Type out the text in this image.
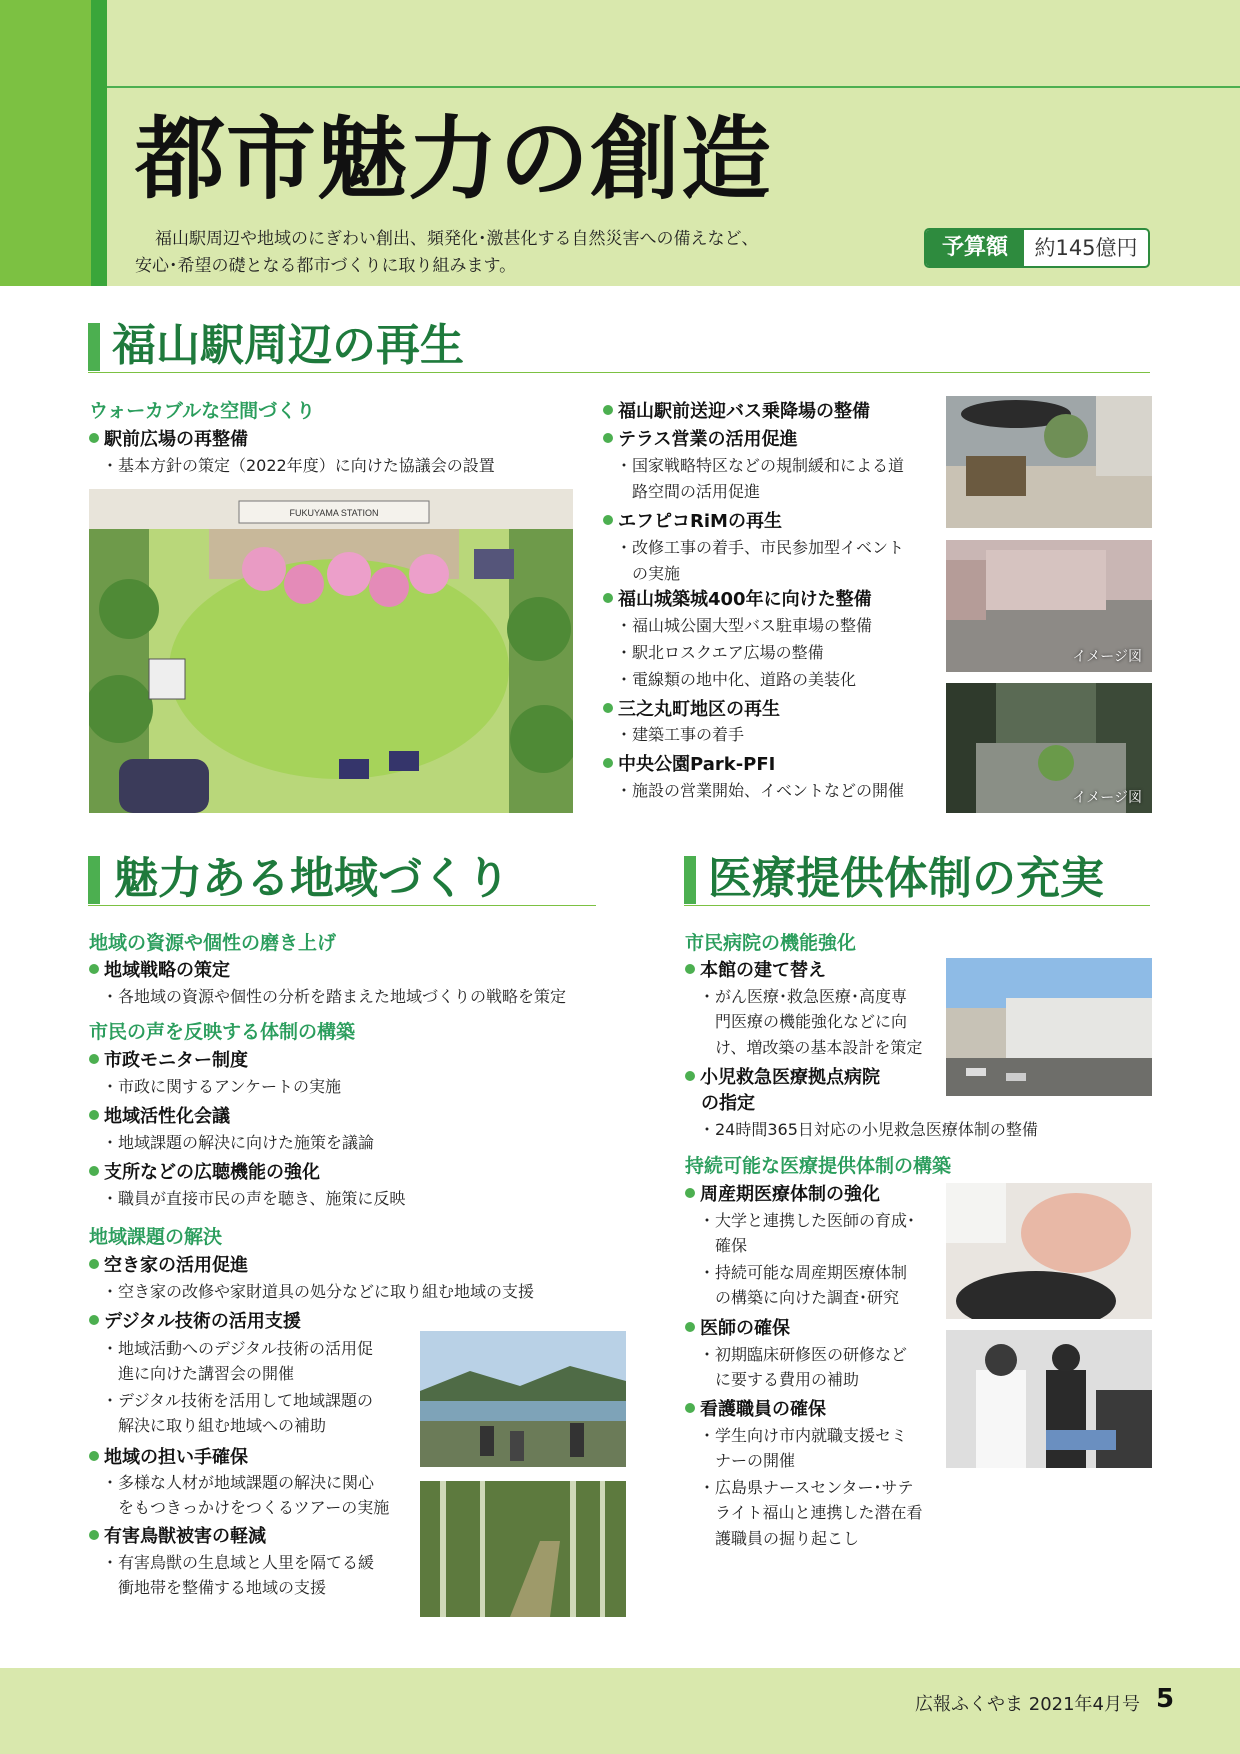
都市魅力の創造
福山駅周辺や地域のにぎわい創出、頻発化･激甚化する自然災害への備えなど、
安心･希望の礎となる都市づくりに取り組みます。
予算額	約145億円
福山駅周辺の再生
ウォーカブルな空間づくり
駅前広場の再整備
・基本方針の策定（2022年度）に向けた協議会の設置
FUKUYAMA STATION
福山駅前送迎バス乗降場の整備
テラス営業の活用促進
・国家戦略特区などの規制緩和による道
　路空間の活用促進
エフピコRiMの再生
・改修工事の着手、市民参加型イベント
　の実施
福山城築城400年に向けた整備
・福山城公園大型バス駐車場の整備
・駅北ロスクエア広場の整備
・電線類の地中化、道路の美装化
三之丸町地区の再生
・建築工事の着手
中央公園Park-PFI
・施設の営業開始、イベントなどの開催
イメージ図
イメージ図
魅力ある地域づくり
地域の資源や個性の磨き上げ
地域戦略の策定
・各地域の資源や個性の分析を踏まえた地域づくりの戦略を策定
市民の声を反映する体制の構築
市政モニター制度
・市政に関するアンケートの実施
地域活性化会議
・地域課題の解決に向けた施策を議論
支所などの広聴機能の強化
・職員が直接市民の声を聴き、施策に反映
地域課題の解決
空き家の活用促進
・空き家の改修や家財道具の処分などに取り組む地域の支援
デジタル技術の活用支援
・地域活動へのデジタル技術の活用促
　進に向けた講習会の開催
・デジタル技術を活用して地域課題の
　解決に取り組む地域への補助
地域の担い手確保
・多様な人材が地域課題の解決に関心
　をもつきっかけをつくるツアーの実施
有害鳥獣被害の軽減
・有害鳥獣の生息域と人里を隔てる緩
　衝地帯を整備する地域の支援
医療提供体制の充実
市民病院の機能強化
本館の建て替え
・がん医療･救急医療･高度専
　門医療の機能強化などに向
　け、増改築の基本設計を策定
小児救急医療拠点病院
の指定
・24時間365日対応の小児救急医療体制の整備
持続可能な医療提供体制の構築
周産期医療体制の強化
・大学と連携した医師の育成･
　確保
・持続可能な周産期医療体制
　の構築に向けた調査･研究
医師の確保
・初期臨床研修医の研修など
　に要する費用の補助
看護職員の確保
・学生向け市内就職支援セミ
　ナーの開催
・広島県ナースセンター･サテ
　ライト福山と連携した潜在看
　護職員の掘り起こし
広報ふくやま 2021年4月号 5
